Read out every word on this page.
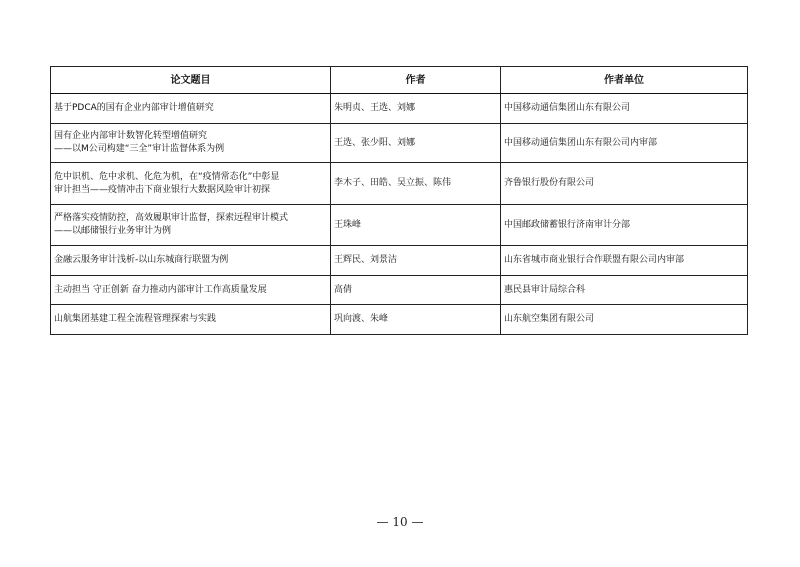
论文题目	作者	作者单位

基于PDCA的国有企业内部审计增值研究	朱明贞、王选、刘娜	中国移动通信集团山东有限公司

国有企业内部审计数智化转型增值研究
——以M公司构建“三全”审计监督体系为例	王选、张少阳、刘娜	中国移动通信集团山东有限公司内审部

危中识机、危中求机、化危为机，在“疫情常态化”中彰显
审计担当——疫情冲击下商业银行大数据风险审计初探	李木子、田皓、吴立振、陈伟	齐鲁银行股份有限公司

严格落实疫情防控，高效履职审计监督，探索远程审计模式
——以邮储银行业务审计为例	王珠峰	中国邮政储蓄银行济南审计分部

金融云服务审计浅析-以山东城商行联盟为例	王辉民、刘景洁	山东省城市商业银行合作联盟有限公司内审部

主动担当 守正创新 奋力推动内部审计工作高质量发展	高倩	惠民县审计局综合科

山航集团基建工程全流程管理探索与实践	巩向渡、朱峰	山东航空集团有限公司
— 10 —
